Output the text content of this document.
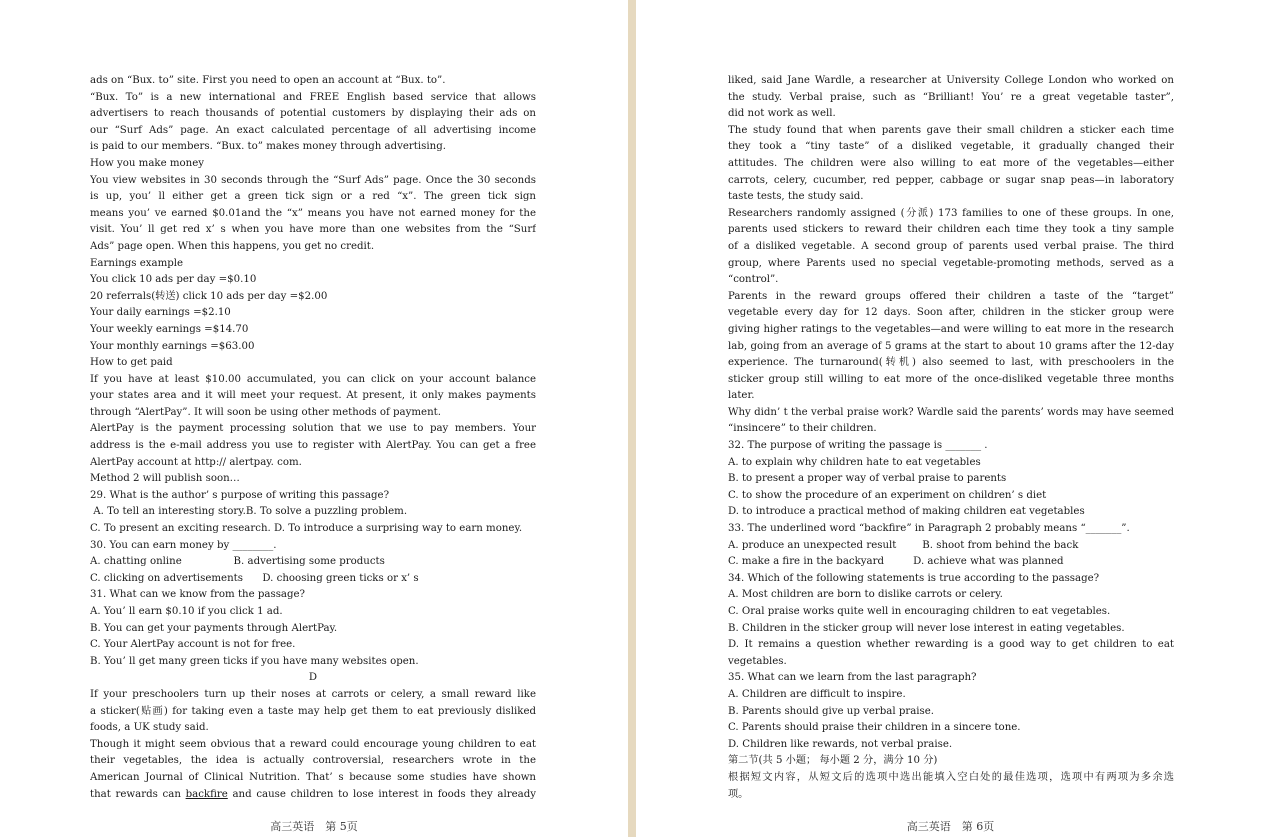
ads on “Bux. to” site. First you need to open an account at “Bux. to”.
“Bux. To” is a new international and FREE English based service that allows
advertisers to reach thousands of potential customers by displaying their ads on
our “Surf Ads” page. An exact calculated percentage of all advertising income
is paid to our members. “Bux. to” makes money through advertising.
How you make money
You view websites in 30 seconds through the “Surf Ads” page. Once the 30 seconds
is up, you’ ll either get a green tick sign or a red “x”. The green tick sign
means you’ ve earned $0.01and the “x” means you have not earned money for the
visit. You’ ll get red x’ s when you have more than one websites from the “Surf
Ads” page open. When this happens, you get no credit.
Earnings example
You click 10 ads per day =$0.10
20 referrals(转送) click 10 ads per day =$2.00
Your daily earnings =$2.10
Your weekly earnings =$14.70
Your monthly earnings =$63.00
How to get paid
If you have at least $10.00 accumulated, you can click on your account balance
your states area and it will meet your request. At present, it only makes payments
through “AlertPay”. It will soon be using other methods of payment.
AlertPay is the payment processing solution that we use to pay members. Your
address is the e-mail address you use to register with AlertPay. You can get a free
AlertPay account at http:// alertpay. com.
Method 2 will publish soon…
29. What is the author’ s purpose of writing this passage?
A. To tell an interesting story.B. To solve a puzzling problem.
C. To present an exciting research. D. To introduce a surprising way to earn money.
30. You can earn money by ________.
A. chatting online                B. advertising some products
C. clicking on advertisements      D. choosing green ticks or x’ s
31. What can we know from the passage?
A. You’ ll earn $0.10 if you click 1 ad.
B. You can get your payments through AlertPay.
C. Your AlertPay account is not for free.
B. You’ ll get many green ticks if you have many websites open.
D
If your preschoolers turn up their noses at carrots or celery, a small reward like
a sticker(贴画) for taking even a taste may help get them to eat previously disliked
foods, a UK study said.
Though it might seem obvious that a reward could encourage young children to eat
their vegetables, the idea is actually controversial, researchers wrote in the
American Journal of Clinical Nutrition. That’ s because some studies have shown
that rewards can backfire and cause children to lose interest in foods they already
高三英语　第 5页
liked, said Jane Wardle, a researcher at University College London who worked on
the study. Verbal praise, such as “Brilliant! You’ re a great vegetable taster”,
did not work as well.
The study found that when parents gave their small children a sticker each time
they took a “tiny taste” of a disliked vegetable, it gradually changed their
attitudes. The children were also willing to eat more of the vegetables—either
carrots, celery, cucumber, red pepper, cabbage or sugar snap peas—in laboratory
taste tests, the study said.
Researchers randomly assigned (分派) 173 families to one of these groups. In one,
parents used stickers to reward their children each time they took a tiny sample
of a disliked vegetable. A second group of parents used verbal praise. The third
group, where Parents used no special vegetable-promoting methods, served as a
“control”.
Parents in the reward groups offered their children a taste of the “target”
vegetable every day for 12 days. Soon after, children in the sticker group were
giving higher ratings to the vegetables—and were willing to eat more in the research
lab, going from an average of 5 grams at the start to about 10 grams after the 12-day
experience. The turnaround(转机) also seemed to last, with preschoolers in the
sticker group still willing to eat more of the once-disliked vegetable three months
later.
Why didn’ t the verbal praise work? Wardle said the parents’ words may have seemed
“insincere” to their children.
32. The purpose of writing the passage is _______ .
A. to explain why children hate to eat vegetables
B. to present a proper way of verbal praise to parents
C. to show the procedure of an experiment on children’ s diet
D. to introduce a practical method of making children eat vegetables
33. The underlined word “backfire” in Paragraph 2 probably means “_______”.
A. produce an unexpected result        B. shoot from behind the back
C. make a fire in the backyard         D. achieve what was planned
34. Which of the following statements is true according to the passage?
A. Most children are born to dislike carrots or celery.
C. Oral praise works quite well in encouraging children to eat vegetables.
B. Children in the sticker group will never lose interest in eating vegetables.
D. It remains a question whether rewarding is a good way to get children to eat
vegetables.
35. What can we learn from the last paragraph?
A. Children are difficult to inspire.
B. Parents should give up verbal praise.
C. Parents should praise their children in a sincere tone.
D. Children like rewards, not verbal praise.
第二节(共 5 小题； 每小题 2 分，满分 10 分)
根据短文内容，从短文后的选项中选出能填入空白处的最佳选项，选项中有两项为多余选
项。
高三英语　第 6页
